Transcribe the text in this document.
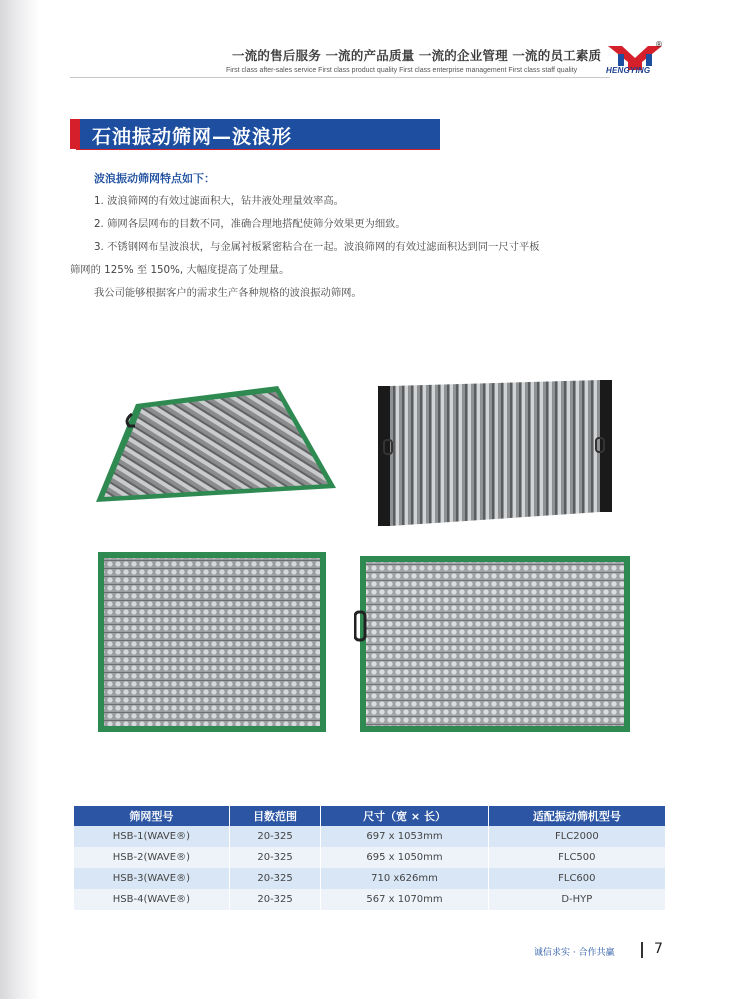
一流的售后服务 一流的产品质量 一流的企业管理 一流的员工素质
First class after-sales service First class product quality First class enterprise management First class staff quality	HENGYING
®
石油振动筛网—波浪形
波浪振动筛网特点如下：
1. 波浪筛网的有效过滤面积大，钻井液处理量效率高。
2. 筛网各层网布的目数不同，准确合理地搭配使筛分效果更为细致。
3. 不锈钢网布呈波浪状，与金属衬板紧密粘合在一起。波浪筛网的有效过滤面积达到同一尺寸平板
筛网的 125% 至 150%, 大幅度提高了处理量。
我公司能够根据客户的需求生产各种规格的波浪振动筛网。
筛网型号	目数范围	尺寸（宽 × 长）	适配振动筛机型号
HSB-1(WAVE®)	20-325	697 x 1053mm	FLC2000
HSB-2(WAVE®)	20-325	695 x 1050mm	FLC500
HSB-3(WAVE®)	20-325	710 x626mm	FLC600
HSB-4(WAVE®)	20-325	567 x 1070mm	D-HYP
诚信求实 · 合作共赢	7
